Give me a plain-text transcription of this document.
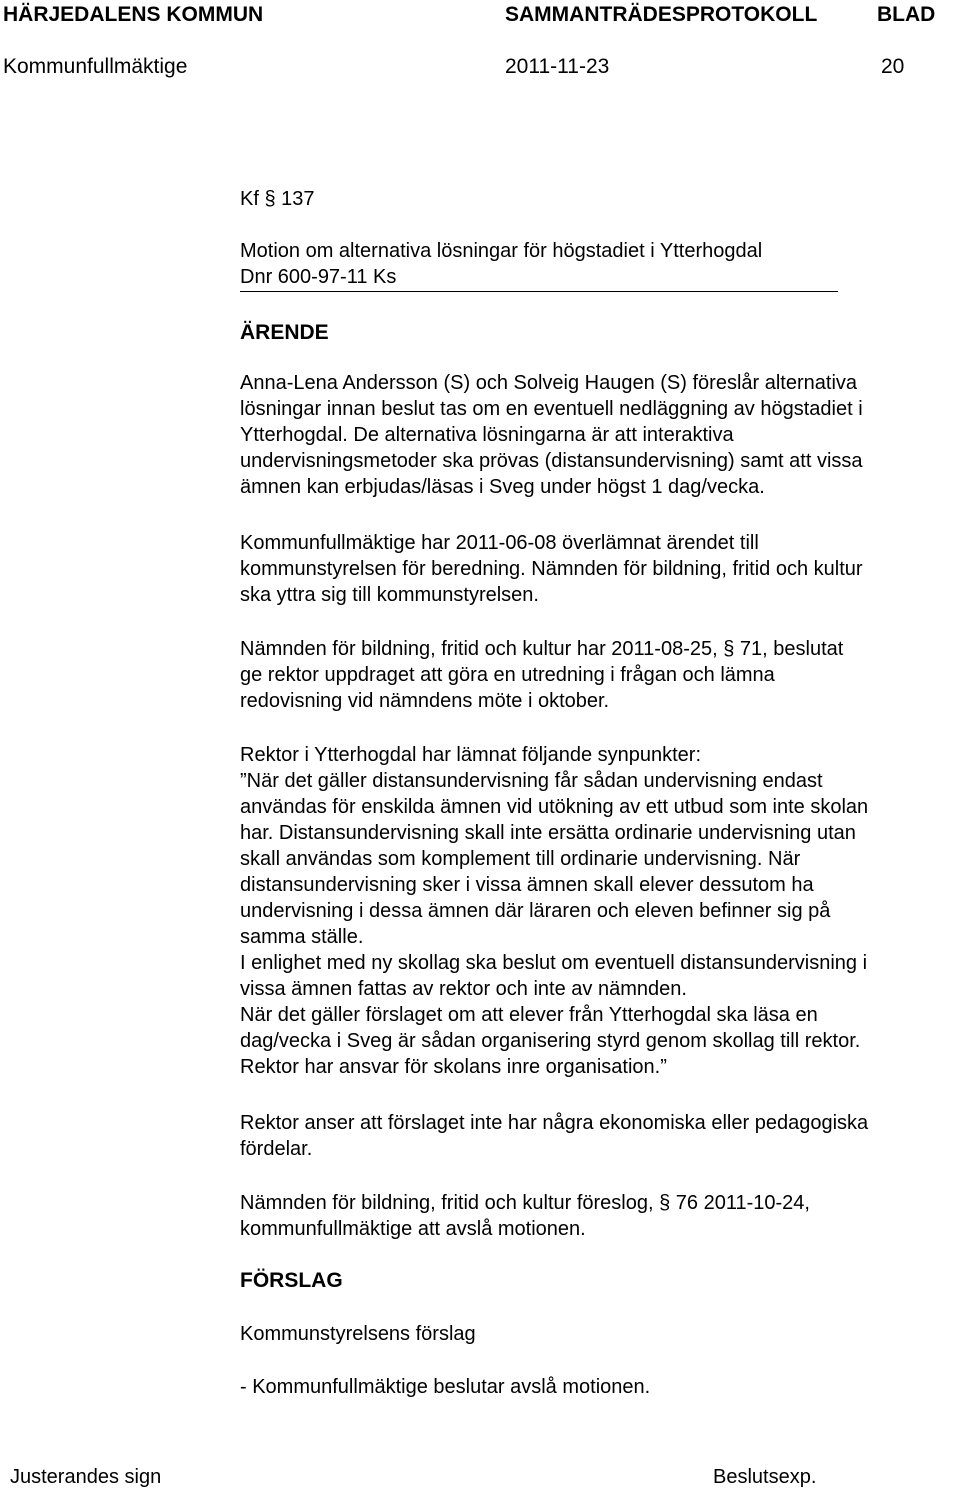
HÄRJEDALENS KOMMUN	SAMMANTRÄDESPROTOKOLL	BLAD
Kommunfullmäktige	2011-11-23	20
Kf § 137
Motion om alternativa lösningar för högstadiet i Ytterhogdal
Dnr 600-97-11 Ks
ÄRENDE

Anna-Lena Andersson (S) och Solveig Haugen (S) föreslår alternativa

lösningar innan beslut tas om en eventuell nedläggning av högstadiet i

Ytterhogdal. De alternativa lösningarna är att interaktiva

undervisningsmetoder ska prövas (distansundervisning) samt att vissa

ämnen kan erbjudas/läsas i Sveg under högst 1 dag/vecka.

Kommunfullmäktige har 2011-06-08 överlämnat ärendet till

kommunstyrelsen för beredning. Nämnden för bildning, fritid och kultur

ska yttra sig till kommunstyrelsen.

Nämnden för bildning, fritid och kultur har 2011-08-25, § 71, beslutat

ge rektor uppdraget att göra en utredning i frågan och lämna

redovisning vid nämndens möte i oktober.

Rektor i Ytterhogdal har lämnat följande synpunkter:

”När det gäller distansundervisning får sådan undervisning endast

användas för enskilda ämnen vid utökning av ett utbud som inte skolan

har. Distansundervisning skall inte ersätta ordinarie undervisning utan

skall användas som komplement till ordinarie undervisning. När

distansundervisning sker i vissa ämnen skall elever dessutom ha

undervisning i dessa ämnen där läraren och eleven befinner sig på

samma ställe.

I enlighet med ny skollag ska beslut om eventuell distansundervisning i

vissa ämnen fattas av rektor och inte av nämnden.

När det gäller förslaget om att elever från Ytterhogdal ska läsa en

dag/vecka i Sveg är sådan organisering styrd genom skollag till rektor.

Rektor har ansvar för skolans inre organisation.”

Rektor anser att förslaget inte har några ekonomiska eller pedagogiska

fördelar.

Nämnden för bildning, fritid och kultur föreslog, § 76 2011-10-24,

kommunfullmäktige att avslå motionen.

FÖRSLAG
Kommunstyrelsens förslag
- Kommunfullmäktige beslutar avslå motionen.
Justerandes sign	Beslutsexp.
